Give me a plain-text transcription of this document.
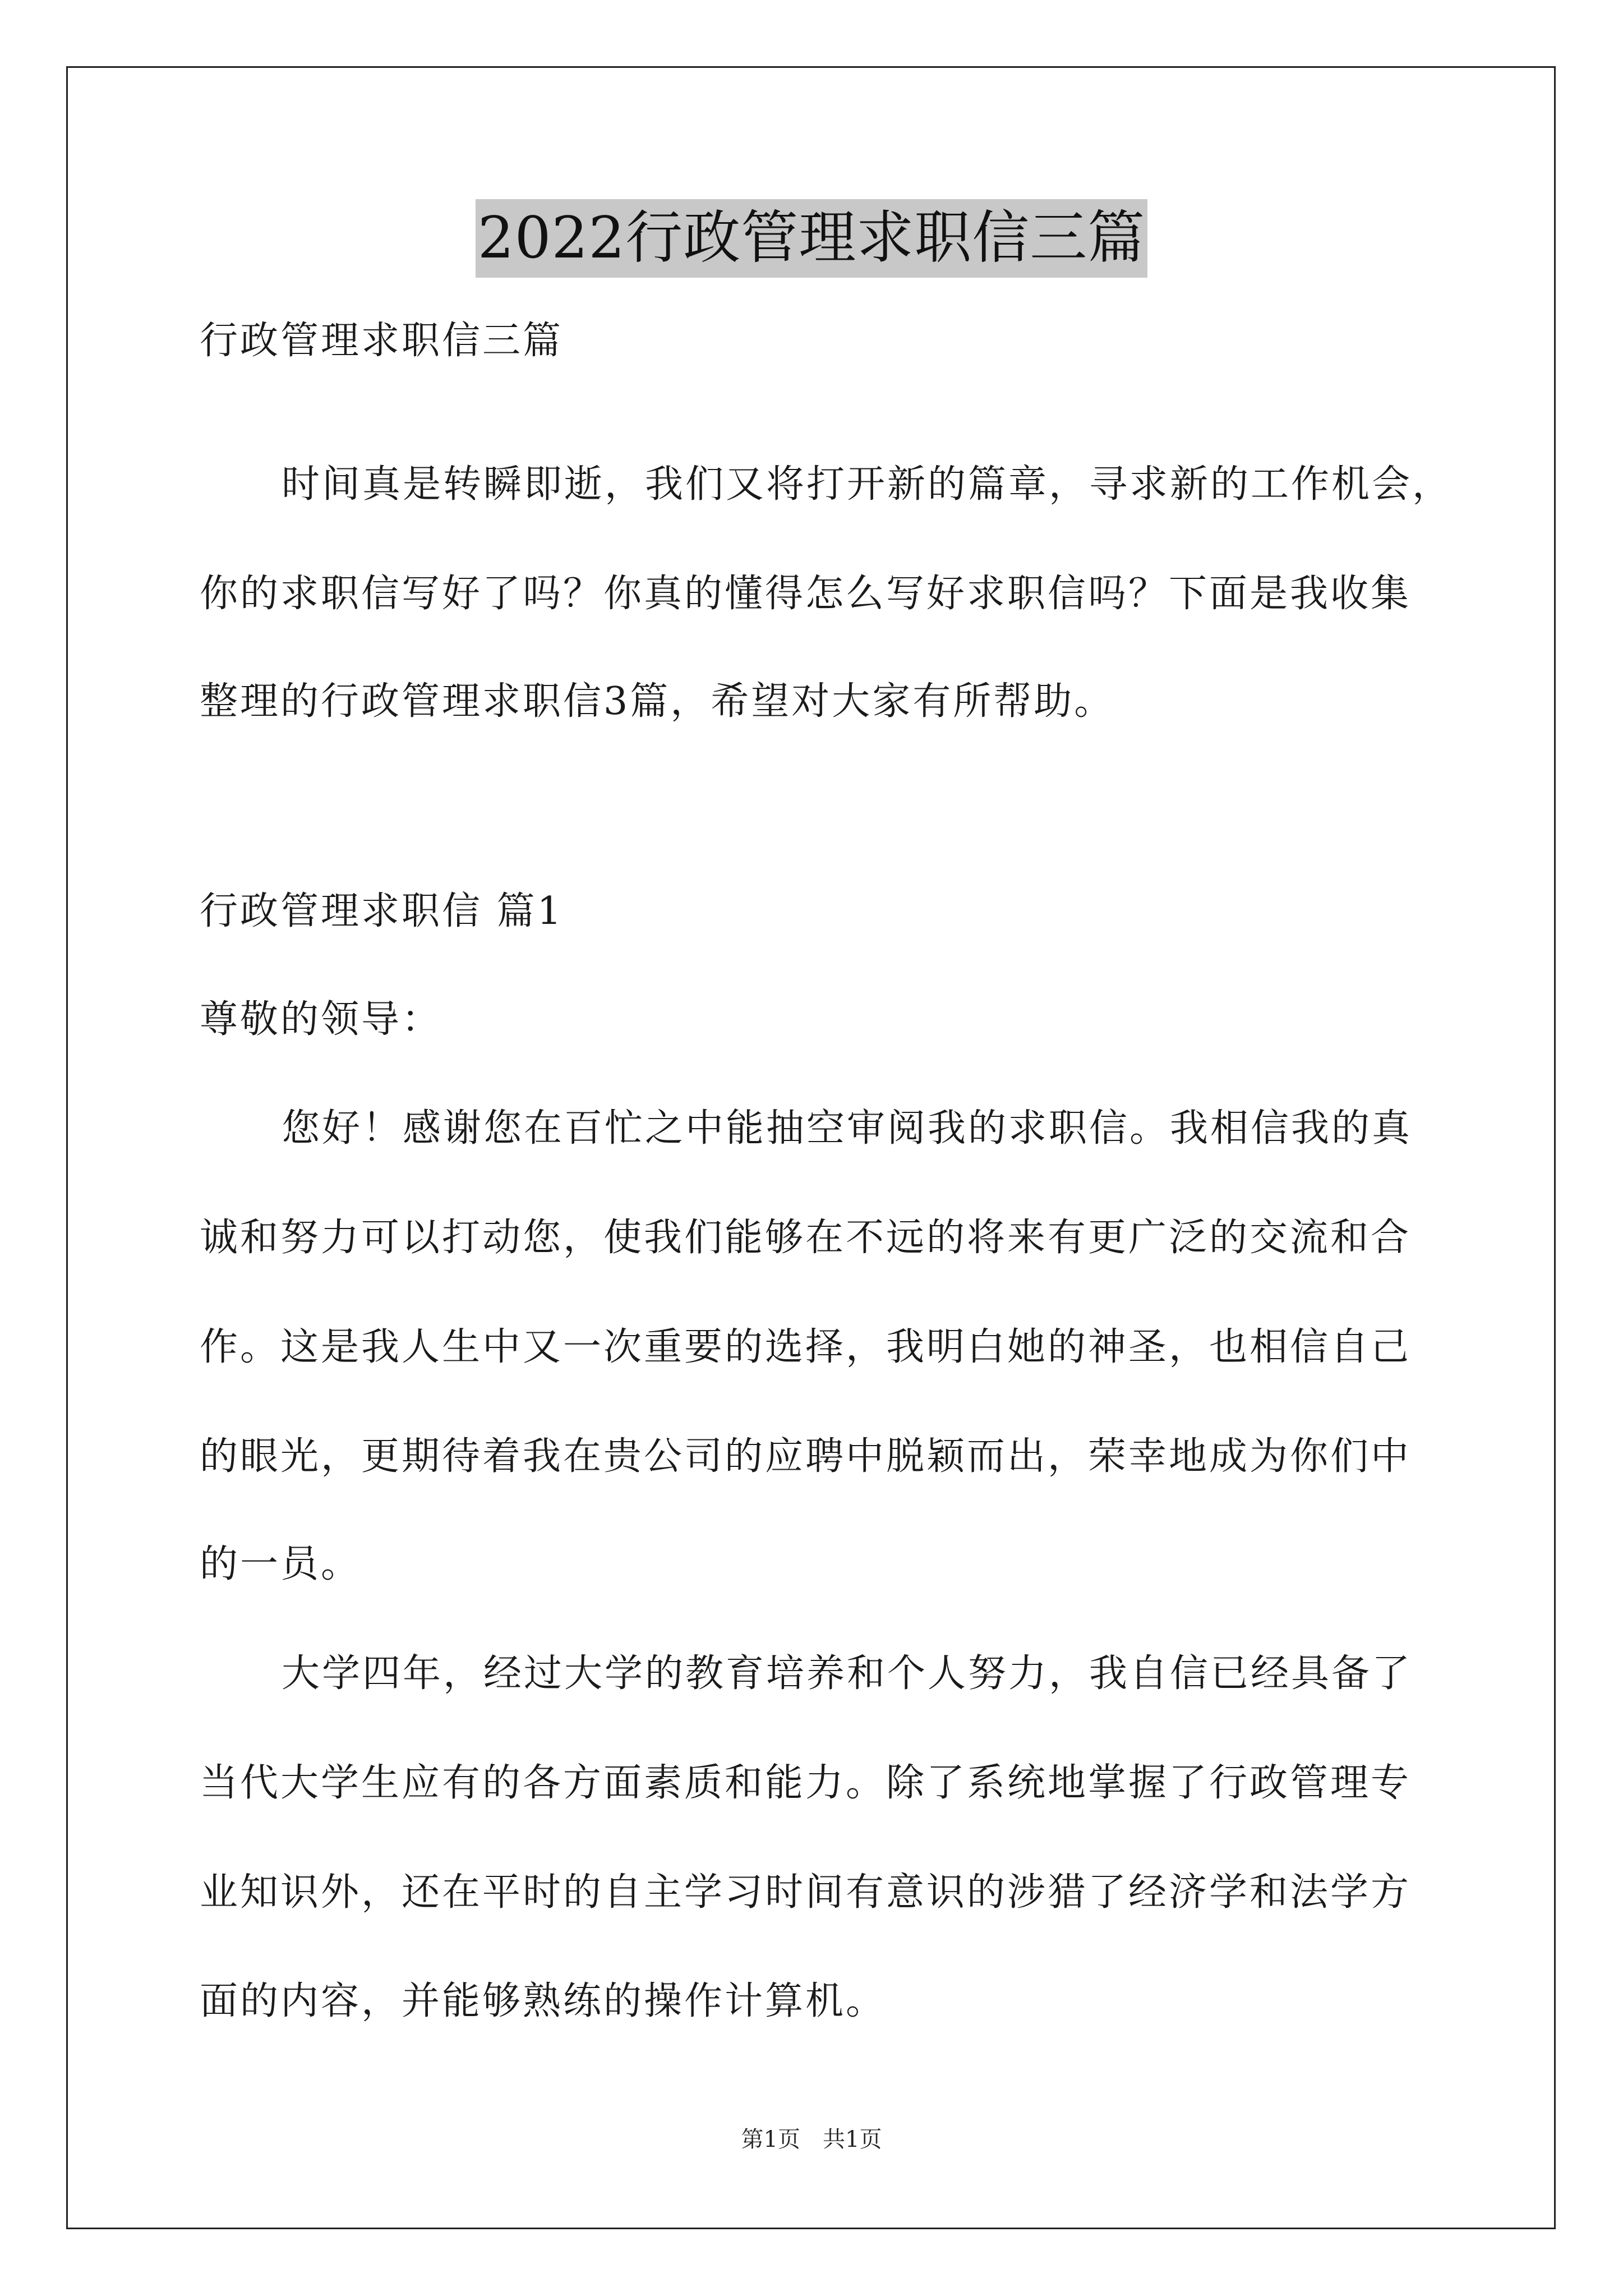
2022行政管理求职信三篇
行政管理求职信三篇
时间真是转瞬即逝，我们又将打开新的篇章，寻求新的工作机会，
你的求职信写好了吗？你真的懂得怎么写好求职信吗？下面是我收集
整理的行政管理求职信3篇，希望对大家有所帮助。
行政管理求职信 篇1
尊敬的领导：
您好！感谢您在百忙之中能抽空审阅我的求职信。我相信我的真
诚和努力可以打动您，使我们能够在不远的将来有更广泛的交流和合
作。这是我人生中又一次重要的选择，我明白她的神圣，也相信自己
的眼光，更期待着我在贵公司的应聘中脱颖而出，荣幸地成为你们中
的一员。
大学四年，经过大学的教育培养和个人努力，我自信已经具备了
当代大学生应有的各方面素质和能力。除了系统地掌握了行政管理专
业知识外，还在平时的自主学习时间有意识的涉猎了经济学和法学方
面的内容，并能够熟练的操作计算机。
第1页　共1页
